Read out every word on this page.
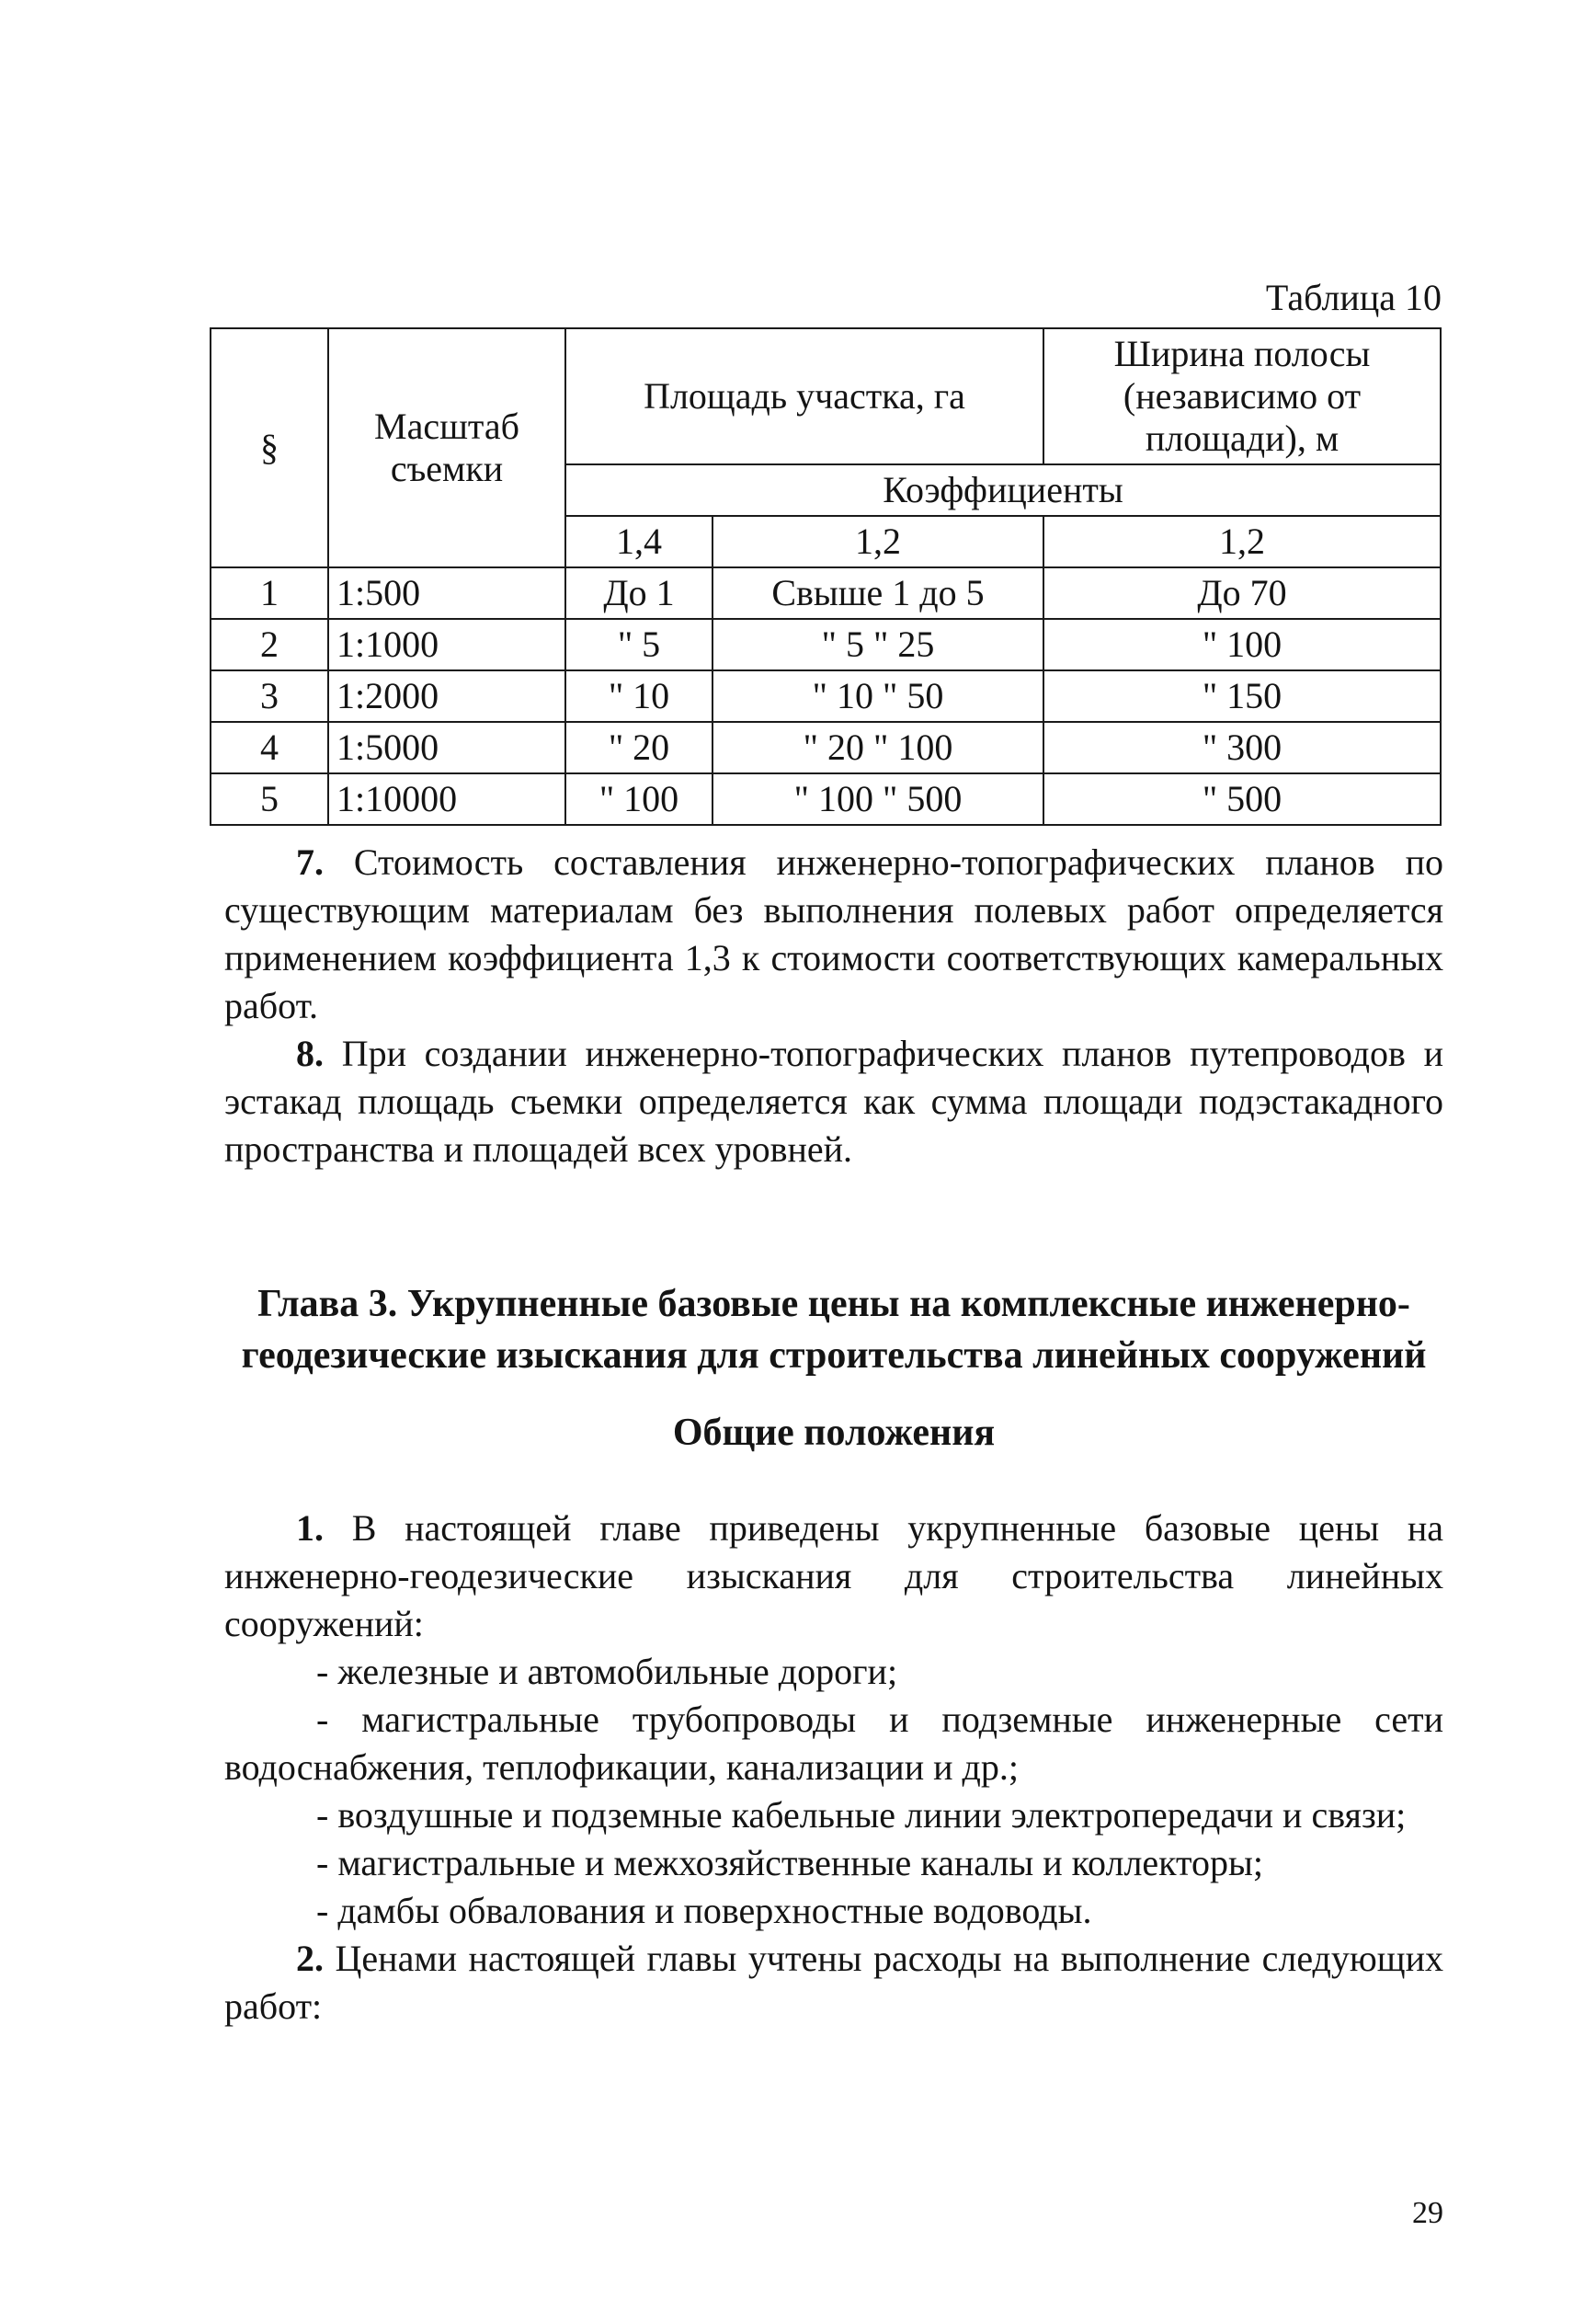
Таблица 10
§	Масштаб съемки	Площадь участка, га		Ширина полосы (независимо от площади), м
		Коэффициенты		
		1,4	1,2	1,2
1	1:500	До 1	Свыше 1 до 5	До 70
2	1:1000	" 5	" 5 " 25	" 100
3	1:2000	" 10	" 10 " 50	" 150
4	1:5000	" 20	" 20 " 100	" 300
5	1:10000	" 100	" 100 " 500	" 500

7. Стоимость составления инженерно-топографических планов по существующим материалам без выполнения полевых работ определяется применением коэффициента 1,3 к стоимости соответствующих камеральных работ.

8. При создании инженерно-топографических планов путепроводов и эстакад площадь съемки определяется как сумма площади подэстакадного пространства и площадей всех уровней.

Глава 3. Укрупненные базовые цены на комплексные инженерно-геодезические изыскания для строительства линейных сооружений
Общие положения

1. В настоящей главе приведены укрупненные базовые цены на инженерно-геодезические изыскания для строительства линейных сооружений:

- железные и автомобильные дороги;

- магистральные трубопроводы и подземные инженерные сети водоснабжения, теплофикации, канализации и др.;

- воздушные и подземные кабельные линии электропередачи и связи;

- магистральные и межхозяйственные каналы и коллекторы;

- дамбы обвалования и поверхностные водоводы.

2. Ценами настоящей главы учтены расходы на выполнение следующих работ:

29
